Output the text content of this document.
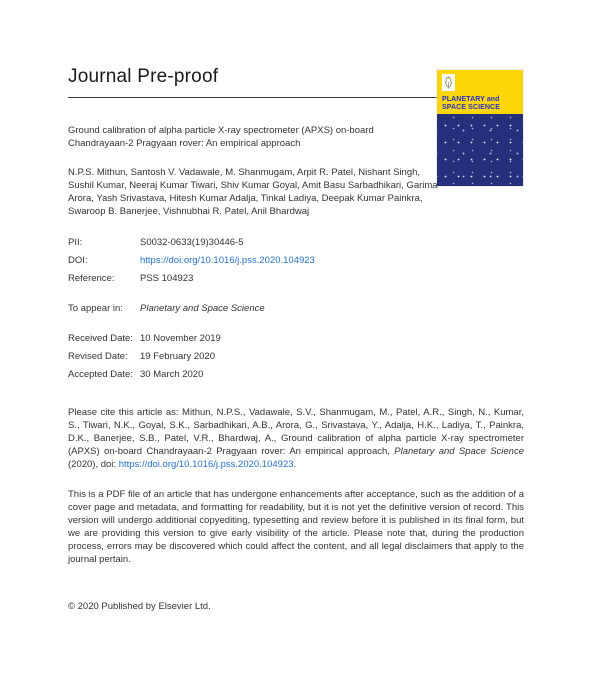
Journal Pre-proof
PLANETARY and
SPACE SCIENCE
Ground calibration of alpha particle X-ray spectrometer (APXS) on-board Chandrayaan-2 Pragyaan rover: An empirical approach
N.P.S. Mithun, Santosh V. Vadawale, M. Shanmugam, Arpit R. Patel, Nishant Singh, Sushil Kumar, Neeraj Kumar Tiwari, Shiv Kumar Goyal, Amit Basu Sarbadhikari, Garima Arora, Yash Srivastava, Hitesh Kumar Adalja, Tinkal Ladiya, Deepak Kumar Painkra, Swaroop B. Banerjee, Vishnubhai R. Patel, Anil Bhardwaj
PII:	S0032-0633(19)30446-5
DOI:	https://doi.org/10.1016/j.pss.2020.104923
Reference:	PSS 104923
To appear in:	Planetary and Space Science
Received Date: 10 November 2019
Revised Date:	19 February 2020
Accepted Date: 30 March 2020
Please cite this article as: Mithun, N.P.S., Vadawale, S.V., Shanmugam, M., Patel, A.R., Singh, N., Kumar, S., Tiwari, N.K., Goyal, S.K., Sarbadhikari, A.B., Arora, G., Srivastava, Y., Adalja, H.K., Ladiya, T., Painkra, D.K., Banerjee, S.B., Patel, V.R., Bhardwaj, A., Ground calibration of alpha particle X-ray spectrometer (APXS) on-board Chandrayaan-2 Pragyaan rover: An empirical approach, Planetary and Space Science (2020), doi: https://doi.org/10.1016/j.pss.2020.104923.
This is a PDF file of an article that has undergone enhancements after acceptance, such as the addition of a cover page and metadata, and formatting for readability, but it is not yet the definitive version of record. This version will undergo additional copyediting, typesetting and review before it is published in its final form, but we are providing this version to give early visibility of the article. Please note that, during the production process, errors may be discovered which could affect the content, and all legal disclaimers that apply to the journal pertain.
© 2020 Published by Elsevier Ltd.
